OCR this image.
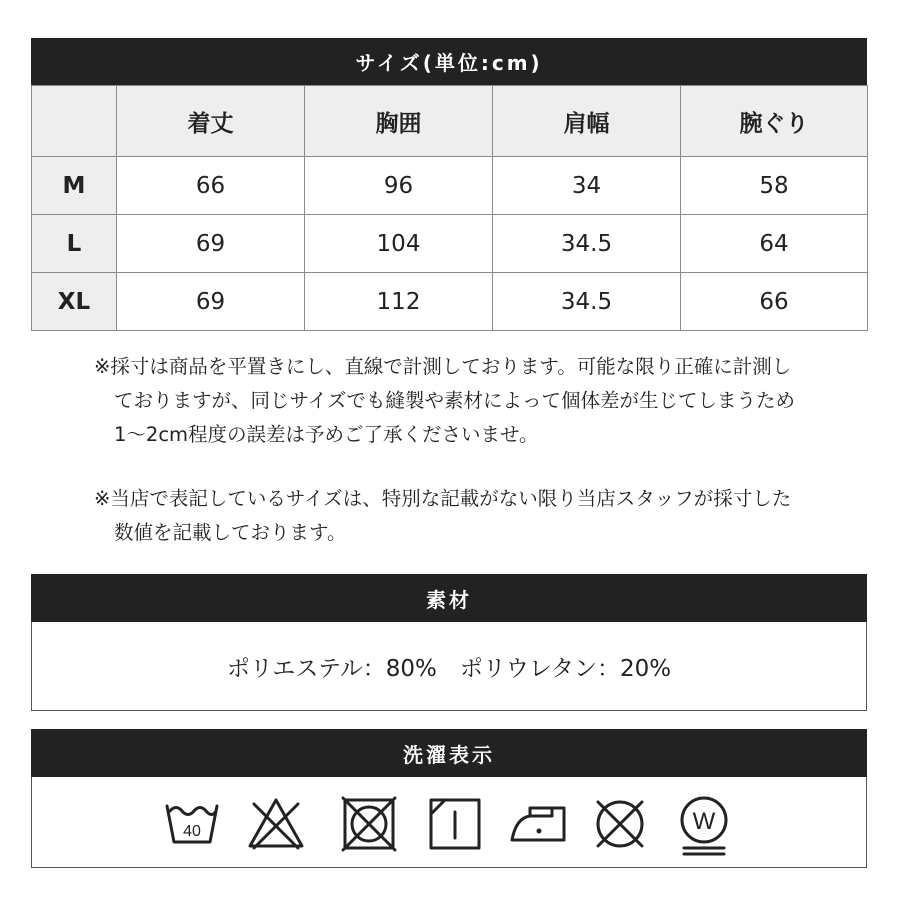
サイズ(単位:cm)
	着丈	胸囲	肩幅	腕ぐり
M	66	96	34	58
L	69	104	34.5	64
XL	69	112	34.5	66

※採寸は商品を平置きにし、直線で計測しております。可能な限り正確に計測し

ておりますが、同じサイズでも縫製や素材によって個体差が生じてしまうため

1～2cm程度の誤差は予めご了承くださいませ。

※当店で表記しているサイズは、特別な記載がない限り当店スタッフが採寸した

数値を記載しております。

素材
ポリエステル：80%　ポリウレタン：20%
洗濯表示
40	W
